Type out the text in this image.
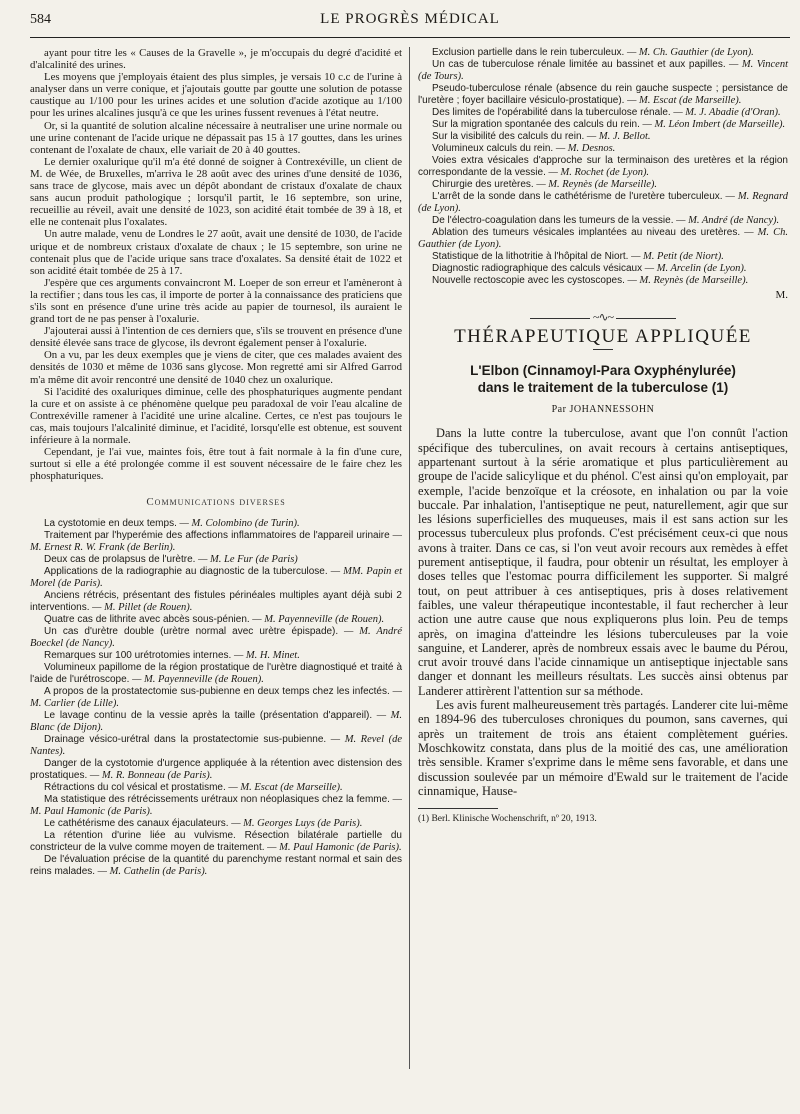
584	LE PROGRÈS MÉDICAL

ayant pour titre les « Causes de la Gravelle », je m'occupais du degré d'acidité et d'alcalinité des urines.

Les moyens que j'employais étaient des plus simples, je versais 10 c.c de l'urine à analyser dans un verre conique, et j'ajoutais goutte par goutte une solution de potasse caustique au 1/100 pour les urines acides et une solution d'acide azotique au 1/100 pour les urines alcalines jusqu'à ce que les urines fussent revenues à l'état neutre.

Or, si la quantité de solution alcaline nécessaire à neutraliser une urine normale ou une urine contenant de l'acide urique ne dépassait pas 15 à 17 gouttes, dans les urines contenant de l'oxalate de chaux, elle variait de 20 à 40 gouttes.

Le dernier oxalurique qu'il m'a été donné de soigner à Contrexéville, un client de M. de Wée, de Bruxelles, m'arriva le 28 août avec des urines d'une densité de 1036, sans trace de glycose, mais avec un dépôt abondant de cristaux d'oxalate de chaux sans aucun produit pathologique ; lorsqu'il partit, le 16 septembre, son urine, recueillie au réveil, avait une densité de 1023, son acidité était tombée de 39 à 18, et elle ne contenait plus l'oxalates.

Un autre malade, venu de Londres le 27 août, avait une densité de 1030, de l'acide urique et de nombreux cristaux d'oxalate de chaux ; le 15 septembre, son urine ne contenait plus que de l'acide urique sans trace d'oxalates. Sa densité était de 1022 et son acidité était tombée de 25 à 17.

J'espère que ces arguments convaincront M. Loeper de son erreur et l'amèneront à la rectifier ; dans tous les cas, il importe de porter à la connaissance des praticiens que s'ils sont en présence d'une urine très acide au papier de tournesol, ils auraient le grand tort de ne pas penser à l'oxalurie.

J'ajouterai aussi à l'intention de ces derniers que, s'ils se trouvent en présence d'une densité élevée sans trace de glycose, ils devront également penser à l'oxalurie.

On a vu, par les deux exemples que je viens de citer, que ces malades avaient des densités de 1030 et même de 1036 sans glycose. Mon regretté ami sir Alfred Garrod m'a même dit avoir rencontré une densité de 1040 chez un oxalurique.

Si l'acidité des oxaluriques diminue, celle des phosphaturiques augmente pendant la cure et on assiste à ce phénomène quelque peu paradoxal de voir l'eau alcaline de Contrexéville ramener à l'acidité une urine alcaline. Certes, ce n'est pas toujours le cas, mais toujours l'alcalinité diminue, et l'acidité, lorsqu'elle est obtenue, est souvent inférieure à la normale.

Cependant, je l'ai vue, maintes fois, être tout à fait normale à la fin d'une cure, surtout si elle a été prolongée comme il est souvent nécessaire de le faire chez les phosphaturiques.

Communications diverses

La cystotomie en deux temps. — M. Colombino (de Turin).

Traitement par l'hyperémie des affections inflammatoires de l'appareil urinaire — M. Ernest R. W. Frank (de Berlin).

Deux cas de prolapsus de l'urètre. — M. Le Fur (de Paris)

Applications de la radiographie au diagnostic de la tuberculose. — MM. Papin et Morel (de Paris).

Anciens rétrécis, présentant des fistules périnéales multiples ayant déjà subi 2 interventions. — M. Pillet (de Rouen).

Quatre cas de lithrite avec abcès sous-pénien. — M. Payenneville (de Rouen).

Un cas d'urètre double (urètre normal avec urètre épispade). — M. André Boeckel (de Nancy).

Remarques sur 100 urétrotomies internes. — M. H. Minet.

Volumineux papillome de la région prostatique de l'urètre diagnostiqué et traité à l'aide de l'urétroscope. — M. Payenneville (de Rouen).

A propos de la prostatectomie sus-pubienne en deux temps chez les infectés. — M. Carlier (de Lille).

Le lavage continu de la vessie après la taille (présentation d'appareil). — M. Blanc (de Dijon).

Drainage vésico-urétral dans la prostatectomie sus-pubienne. — M. Revel (de Nantes).

Danger de la cystotomie d'urgence appliquée à la rétention avec distension des prostatiques. — M. R. Bonneau (de Paris).

Rétractions du col vésical et prostatisme. — M. Escat (de Marseille).

Ma statistique des rétrécissements urétraux non néoplasiques chez la femme. — M. Paul Hamonic (de Paris).

Le cathétérisme des canaux éjaculateurs. — M. Georges Luys (de Paris).

La rétention d'urine liée au vulvisme. Résection bilatérale partielle du constricteur de la vulve comme moyen de traitement. — M. Paul Hamonic (de Paris).

De l'évaluation précise de la quantité du parenchyme restant normal et sain des reins malades. — M. Cathelin (de Paris).

Exclusion partielle dans le rein tuberculeux. — M. Ch. Gauthier (de Lyon).

Un cas de tuberculose rénale limitée au bassinet et aux papilles. — M. Vincent (de Tours).

Pseudo-tuberculose rénale (absence du rein gauche suspecte ; persistance de l'uretère ; foyer bacillaire vésiculo-prostatique). — M. Escat (de Marseille).

Des limites de l'opérabilité dans la tuberculose rénale. — M. J. Abadie (d'Oran).

Sur la migration spontanée des calculs du rein. — M. Léon Imbert (de Marseille).

Sur la visibilité des calculs du rein. — M. J. Bellot.

Volumineux calculs du rein. — M. Desnos.

Voies extra vésicales d'approche sur la terminaison des uretères et la région correspondante de la vessie. — M. Rochet (de Lyon).

Chirurgie des uretères. — M. Reynès (de Marseille).

L'arrêt de la sonde dans le cathétérisme de l'uretère tuberculeux. — M. Regnard (de Lyon).

De l'électro-coagulation dans les tumeurs de la vessie. — M. André (de Nancy).

Ablation des tumeurs vésicales implantées au niveau des uretères. — M. Ch. Gauthier (de Lyon).

Statistique de la lithotritie à l'hôpital de Niort. — M. Petit (de Niort).

Diagnostic radiographique des calculs vésicaux — M. Arcelin (de Lyon).

Nouvelle rectoscopie avec les cystoscopes. — M. Reynès (de Marseille).

M.
~∿~
THÉRAPEUTIQUE APPLIQUÉE
L'Elbon (Cinnamoyl-Para Oxyphénylurée)
dans le traitement de la tuberculose (1)
Par JOHANNESSOHN

Dans la lutte contre la tuberculose, avant que l'on connût l'action spécifique des tuberculines, on avait recours à certains antiseptiques, appartenant surtout à la série aromatique et plus particulièrement au groupe de l'acide salicylique et du phénol. C'est ainsi qu'on employait, par exemple, l'acide benzoïque et la créosote, en inhalation ou par la voie buccale. Par inhalation, l'antiseptique ne peut, naturellement, agir que sur les lésions superficielles des muqueuses, mais il est sans action sur les processus tuberculeux plus profonds. C'est précisément ceux-ci que nous avons à traiter. Dans ce cas, si l'on veut avoir recours aux remèdes à effet purement antiseptique, il faudra, pour obtenir un résultat, les employer à doses telles que l'estomac pourra difficilement les supporter. Si malgré tout, on peut attribuer à ces antiseptiques, pris à doses relativement faibles, une valeur thérapeutique incontestable, il faut rechercher à leur action une autre cause que nous expliquerons plus loin. Peu de temps après, on imagina d'atteindre les lésions tuberculeuses par la voie sanguine, et Landerer, après de nombreux essais avec le baume du Pérou, crut avoir trouvé dans l'acide cinnamique un antiseptique injectable sans danger et donnant les meilleurs résultats. Les succès ainsi obtenus par Landerer attirèrent l'attention sur sa méthode.

Les avis furent malheureusement très partagés. Landerer cite lui-même en 1894-96 des tuberculoses chroniques du poumon, sans cavernes, qui après un traitement de trois ans étaient complètement guéries. Moschkowitz constata, dans plus de la moitié des cas, une amélioration très sensible. Kramer s'exprime dans le même sens favorable, et dans une discussion soulevée par un mémoire d'Ewald sur le traitement de l'acide cinnamique, Hause-

(1) Berl. Klinische Wochenschrift, nº 20, 1913.
